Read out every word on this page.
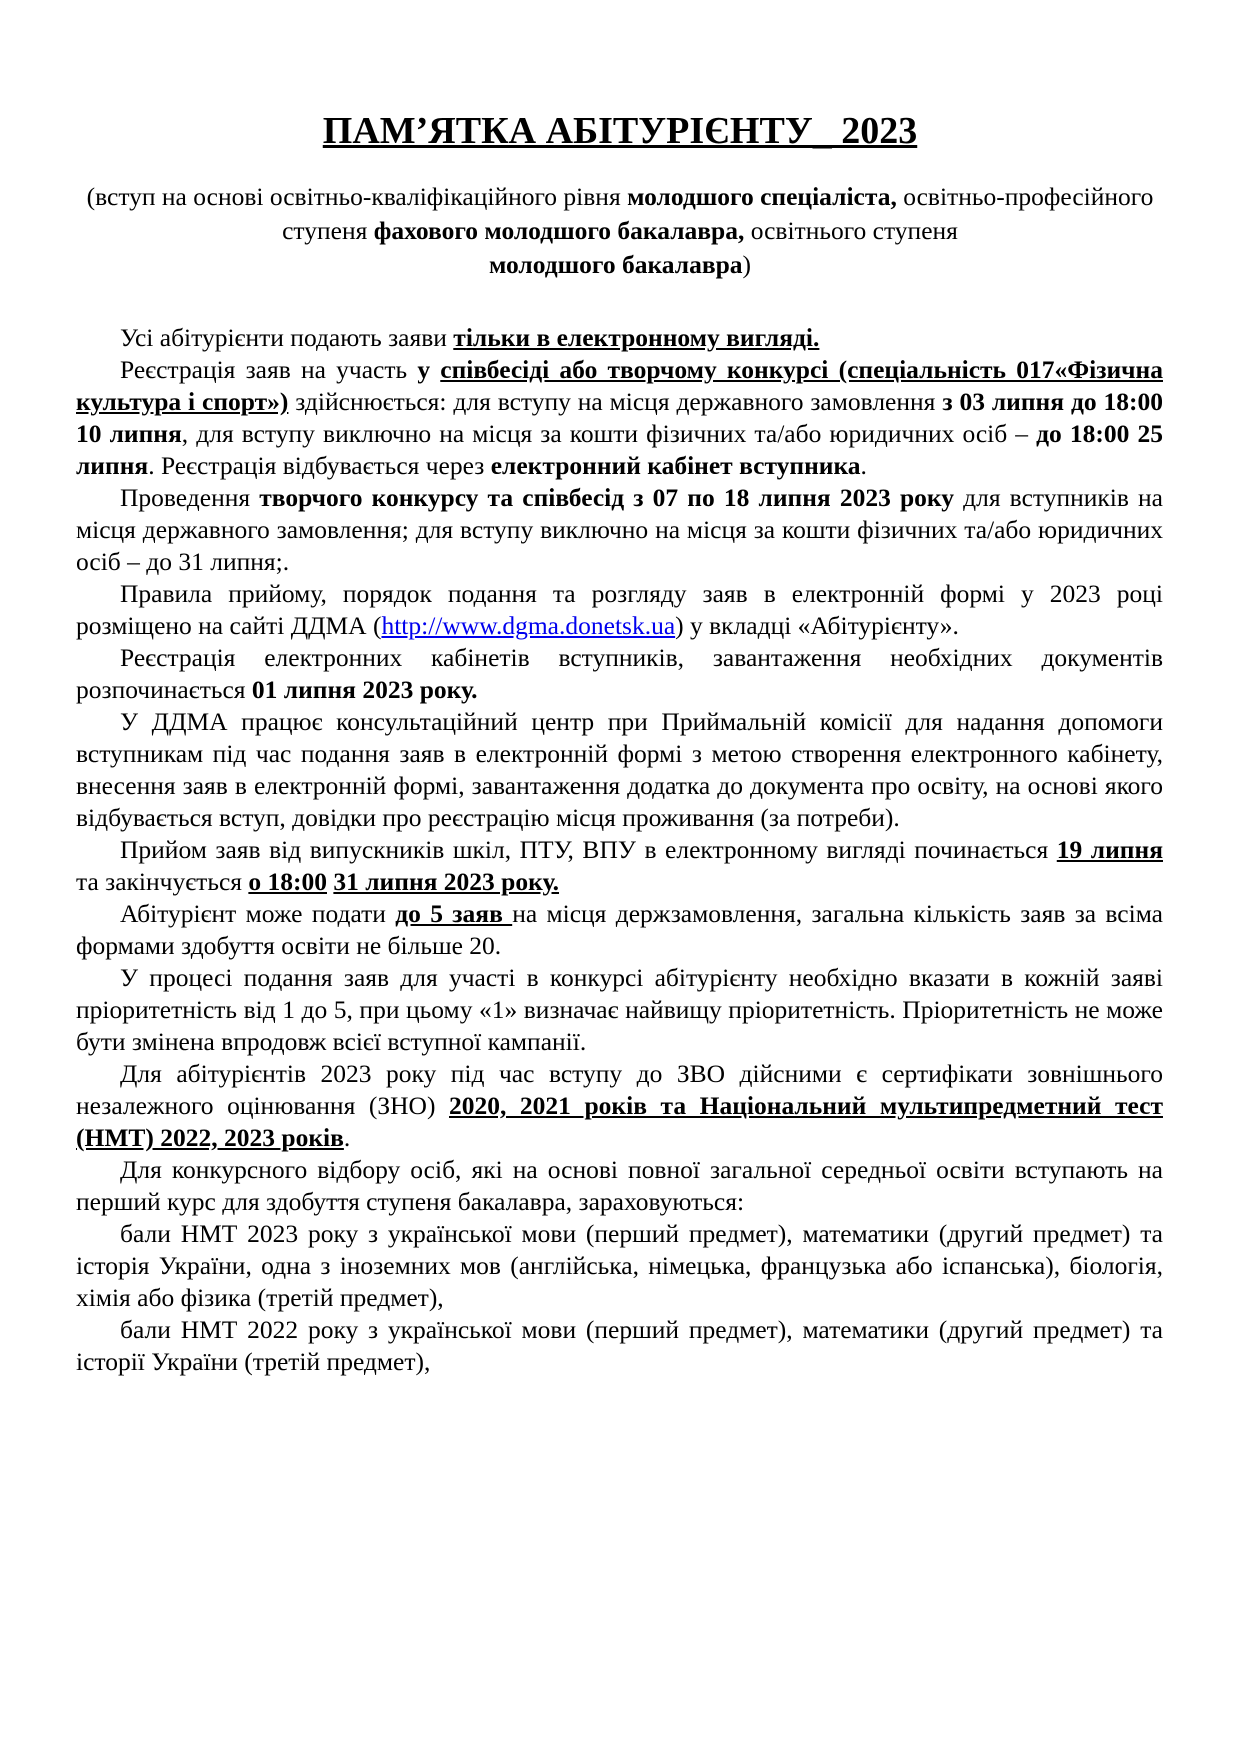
ПАМ’ЯТКА АБІТУРІЄНТУ_ 2023
(вступ на основі освітньо-кваліфікаційного рівня молодшого спеціаліста, освітньо-професійного ступеня фахового молодшого бакалавра, освітнього ступеня
молодшого бакалавра)

Усі абітурієнти подають заяви тільки в електронному вигляді.

Реєстрація заяв на участь у співбесіді або творчому конкурсі (спеціальність 017«Фізична культура і спорт») здійснюється: для вступу на місця державного замовлення з 03 липня до 18:00 10 липня, для вступу виключно на місця за кошти фізичних та/або юридичних осіб – до 18:00 25 липня. Реєстрація відбувається через електронний кабінет вступника.

Проведення творчого конкурсу та співбесід з 07 по 18 липня 2023 року для вступників на місця державного замовлення; для вступу виключно на місця за кошти фізичних та/або юридичних осіб – до 31 липня;.

Правила прийому, порядок подання та розгляду заяв в електронній формі у 2023 році розміщено на сайті ДДМА (http://www.dgma.donetsk.ua) у вкладці «Абітурієнту».

Реєстрація електронних кабінетів вступників, завантаження необхідних документів розпочинається 01 липня 2023 року.

У ДДМА працює консультаційний центр при Приймальній комісії для надання допомоги вступникам під час подання заяв в електронній формі з метою створення електронного кабінету, внесення заяв в електронній формі, завантаження додатка до документа про освіту, на основі якого відбувається вступ, довідки про реєстрацію місця проживання (за потреби).

Прийом заяв від випускників шкіл, ПТУ, ВПУ в електронному вигляді починається 19 липня та закінчується о 18:00 31 липня 2023 року.

Абітурієнт може подати до 5 заяв на місця держзамовлення, загальна кількість заяв за всіма формами здобуття освіти не більше 20.

У процесі подання заяв для участі в конкурсі абітурієнту необхідно вказати в кожній заяві пріоритетність від 1 до 5, при цьому «1» визначає найвищу пріоритетність. Пріоритетність не може бути змінена впродовж всієї вступної кампанії.

Для абітурієнтів 2023 року під час вступу до ЗВО дійсними є сертифікати зовнішнього незалежного оцінювання (ЗНО) 2020, 2021 років та Національний мультипредметний тест (НМТ) 2022, 2023 років.

Для конкурсного відбору осіб, які на основі повної загальної середньої освіти вступають на перший курс для здобуття ступеня бакалавра, зараховуються:

бали НМТ 2023 року з української мови (перший предмет), математики (другий предмет) та історія України, одна з іноземних мов (англійська, німецька, французька або іспанська), біологія, хімія або фізика (третій предмет),

бали НМТ 2022 року з української мови (перший предмет), математики (другий предмет) та історії України (третій предмет),
